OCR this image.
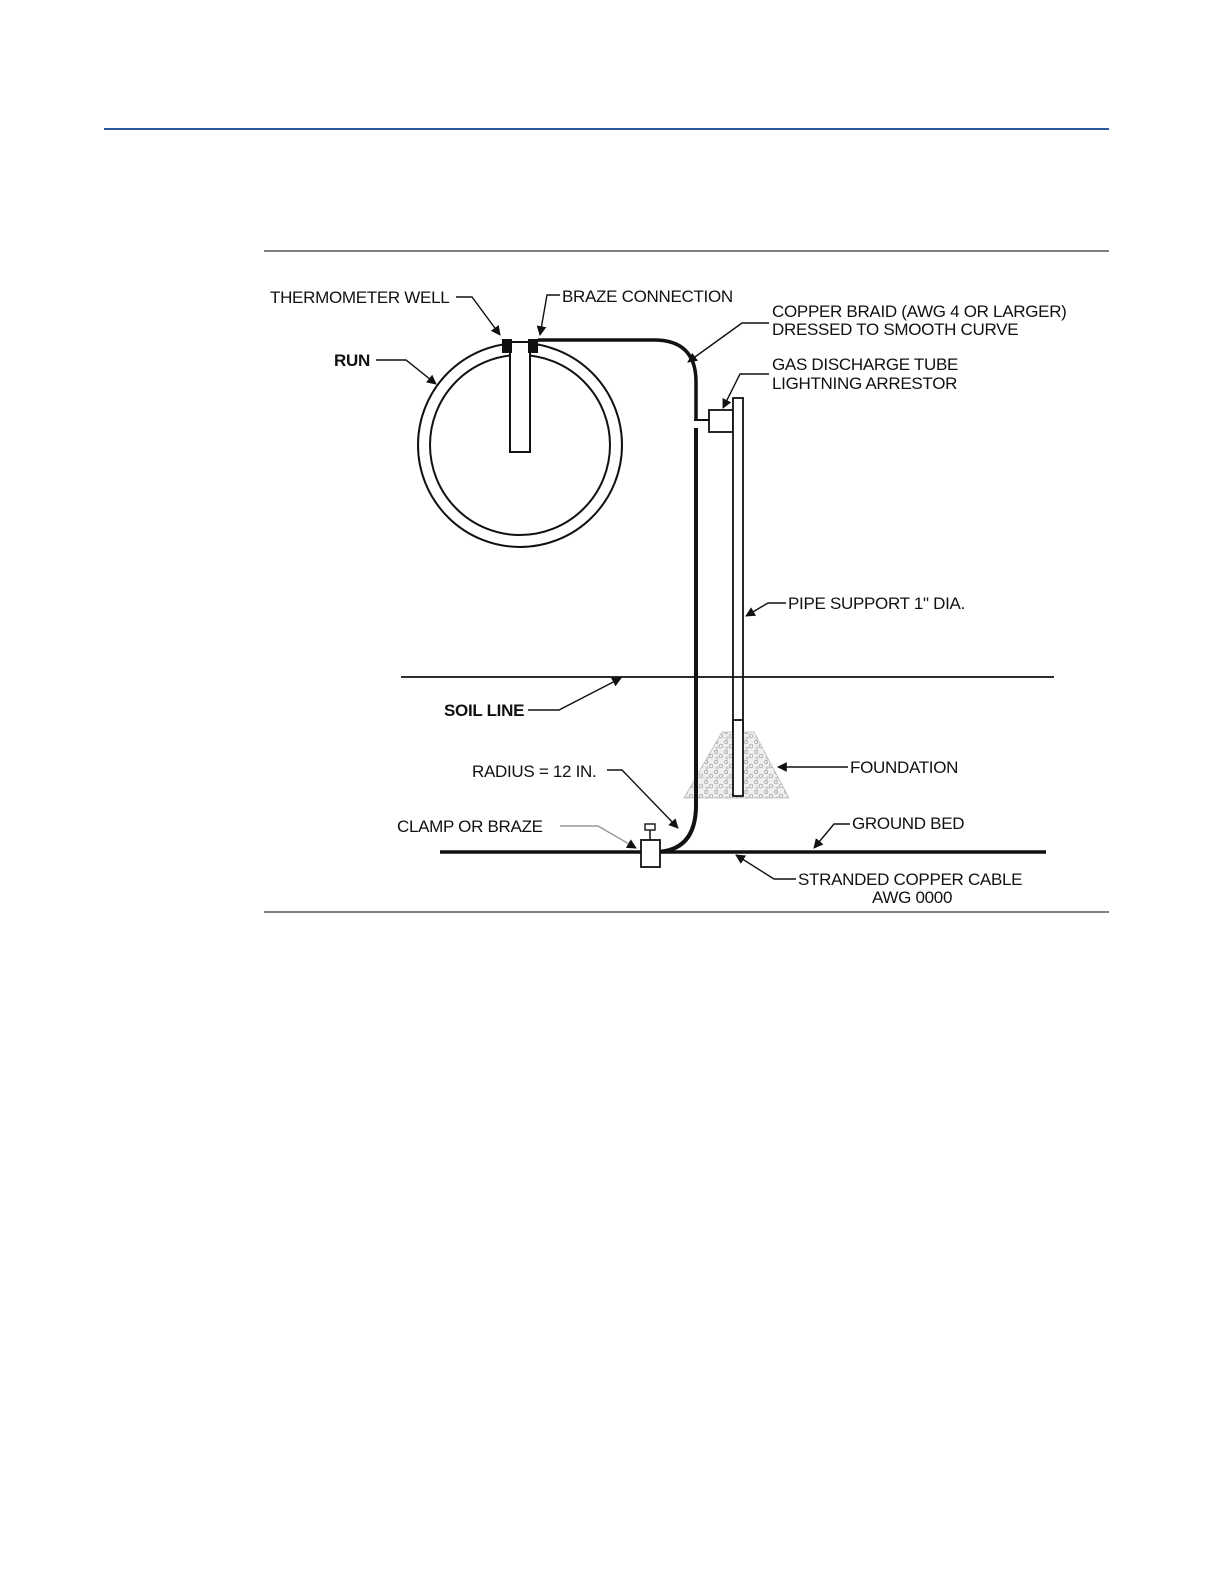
THERMOMETER WELL	BRAZE CONNECTION
COPPER BRAID (AWG 4 OR LARGER)
DRESSED TO SMOOTH CURVE
GAS DISCHARGE TUBE
LIGHTNING ARRESTOR
RUN
PIPE SUPPORT 1" DIA.
SOIL LINE
RADIUS = 12 IN.	FOUNDATION
CLAMP OR BRAZE	GROUND BED
STRANDED COPPER CABLE
AWG 0000
